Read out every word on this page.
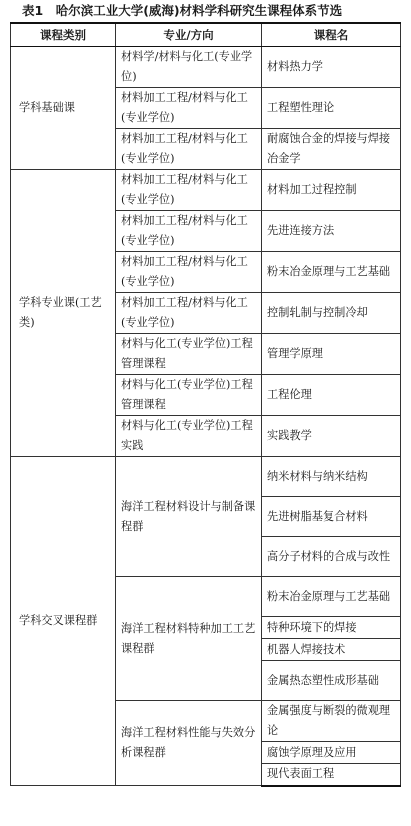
表1　哈尔滨工业大学(威海)材料学科研究生课程体系节选
课程类别	专业/方向	课程名
学科基础课	材料学/材料与化工(专业学位)	材料热力学
	材料加工工程/材料与化工(专业学位)	工程塑性理论
	材料加工工程/材料与化工(专业学位)	耐腐蚀合金的焊接与焊接冶金学
学科专业课(工艺类)	材料加工工程/材料与化工(专业学位)	材料加工过程控制
	材料加工工程/材料与化工(专业学位)	先进连接方法
	材料加工工程/材料与化工(专业学位)	粉末冶金原理与工艺基础
	材料加工工程/材料与化工(专业学位)	控制轧制与控制冷却
	材料与化工(专业学位)工程管理课程	管理学原理
	材料与化工(专业学位)工程管理课程	工程伦理
	材料与化工(专业学位)工程实践	实践教学
学科交叉课程群	海洋工程材料设计与制备课程群	纳米材料与纳米结构
		先进树脂基复合材料
		高分子材料的合成与改性
	海洋工程材料特种加工工艺课程群	粉末冶金原理与工艺基础
		特种环境下的焊接
		机器人焊接技术
		金属热态塑性成形基础
	海洋工程材料性能与失效分析课程群	金属强度与断裂的微观理论
		腐蚀学原理及应用
		现代表面工程
